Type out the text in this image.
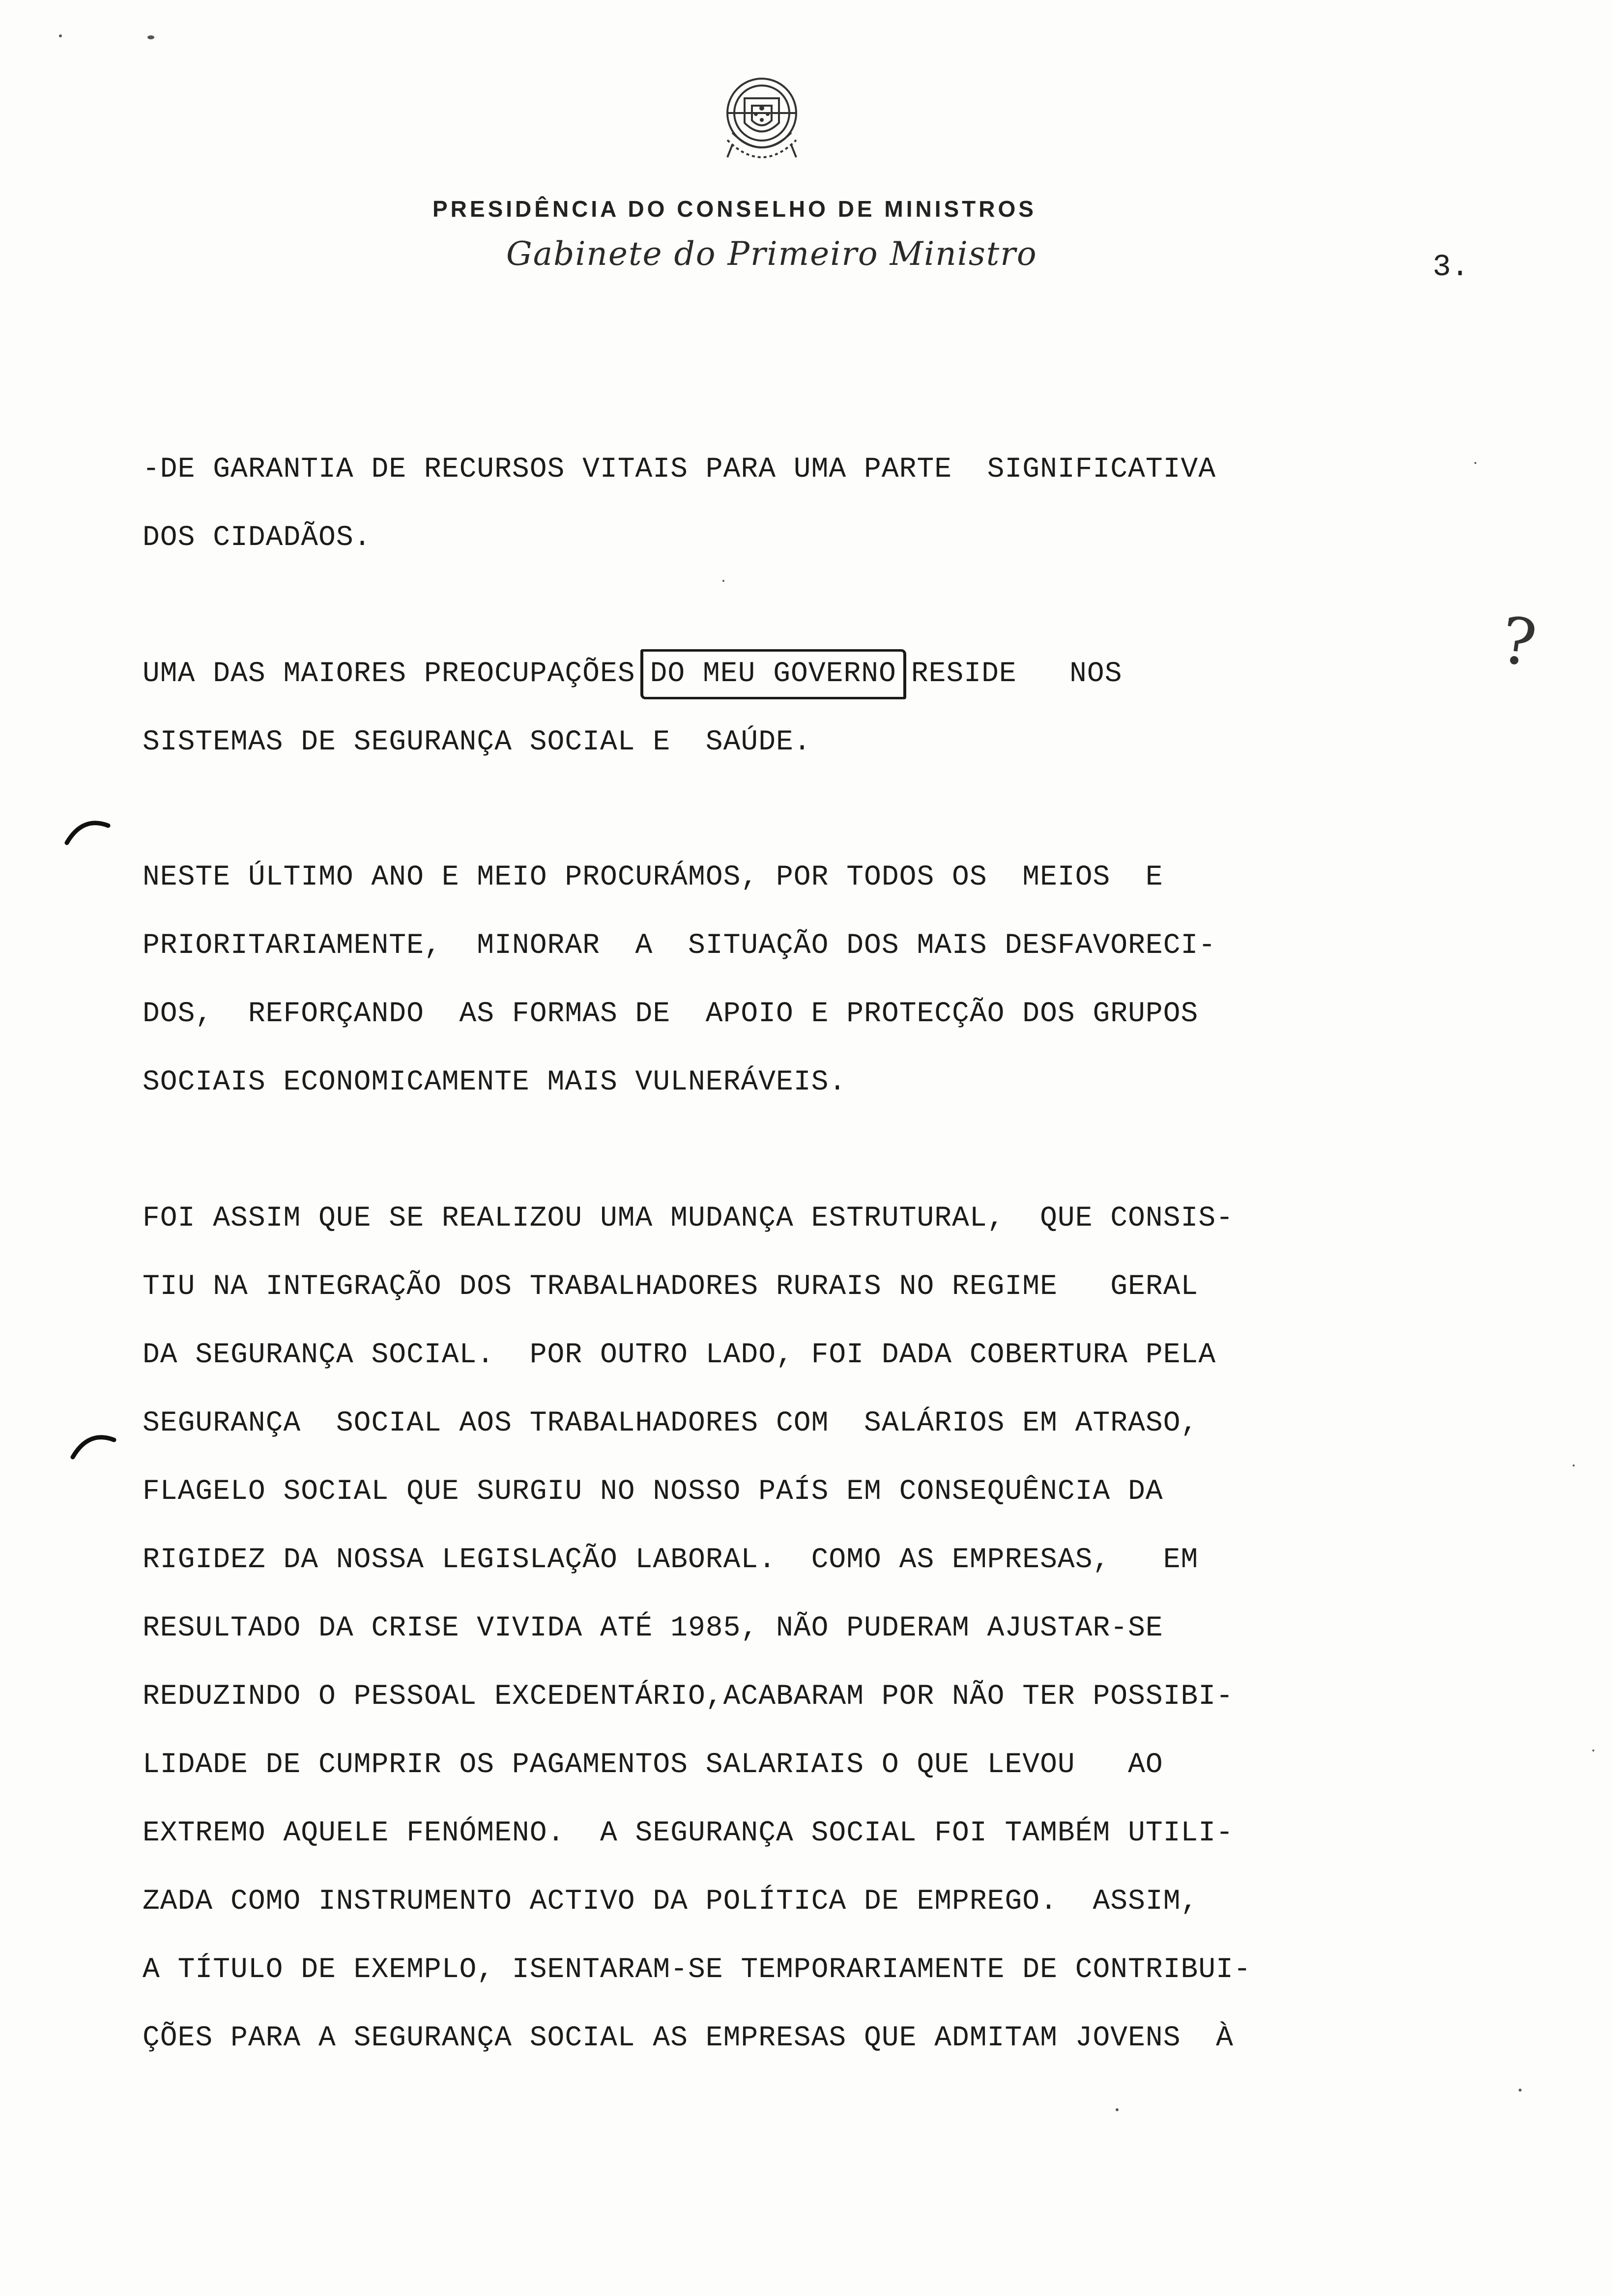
PRESIDÊNCIA DO CONSELHO DE MINISTROS
Gabinete do Primeiro Ministro	3.
?
-DE GARANTIA DE RECURSOS VITAIS PARA UMA PARTE  SIGNIFICATIVA
DOS CIDADÃOS.
UMA DAS MAIORES PREOCUPAÇÕES DO MEU GOVERNO RESIDE   NOS
SISTEMAS DE SEGURANÇA SOCIAL E  SAÚDE.
NESTE ÚLTIMO ANO E MEIO PROCURÁMOS, POR TODOS OS  MEIOS  E
PRIORITARIAMENTE,  MINORAR  A  SITUAÇÃO DOS MAIS DESFAVORECI-
DOS,  REFORÇANDO  AS FORMAS DE  APOIO E PROTECÇÃO DOS GRUPOS
SOCIAIS ECONOMICAMENTE MAIS VULNERÁVEIS.
FOI ASSIM QUE SE REALIZOU UMA MUDANÇA ESTRUTURAL,  QUE CONSIS-
TIU NA INTEGRAÇÃO DOS TRABALHADORES RURAIS NO REGIME   GERAL
DA SEGURANÇA SOCIAL.  POR OUTRO LADO, FOI DADA COBERTURA PELA
SEGURANÇA  SOCIAL AOS TRABALHADORES COM  SALÁRIOS EM ATRASO,
FLAGELO SOCIAL QUE SURGIU NO NOSSO PAÍS EM CONSEQUÊNCIA DA
RIGIDEZ DA NOSSA LEGISLAÇÃO LABORAL.  COMO AS EMPRESAS,   EM
RESULTADO DA CRISE VIVIDA ATÉ 1985, NÃO PUDERAM AJUSTAR-SE
REDUZINDO O PESSOAL EXCEDENTÁRIO,ACABARAM POR NÃO TER POSSIBI-
LIDADE DE CUMPRIR OS PAGAMENTOS SALARIAIS O QUE LEVOU   AO
EXTREMO AQUELE FENÓMENO.  A SEGURANÇA SOCIAL FOI TAMBÉM UTILI-
ZADA COMO INSTRUMENTO ACTIVO DA POLÍTICA DE EMPREGO.  ASSIM,
A TÍTULO DE EXEMPLO, ISENTARAM-SE TEMPORARIAMENTE DE CONTRIBUI-
ÇÕES PARA A SEGURANÇA SOCIAL AS EMPRESAS QUE ADMITAM JOVENS  À
